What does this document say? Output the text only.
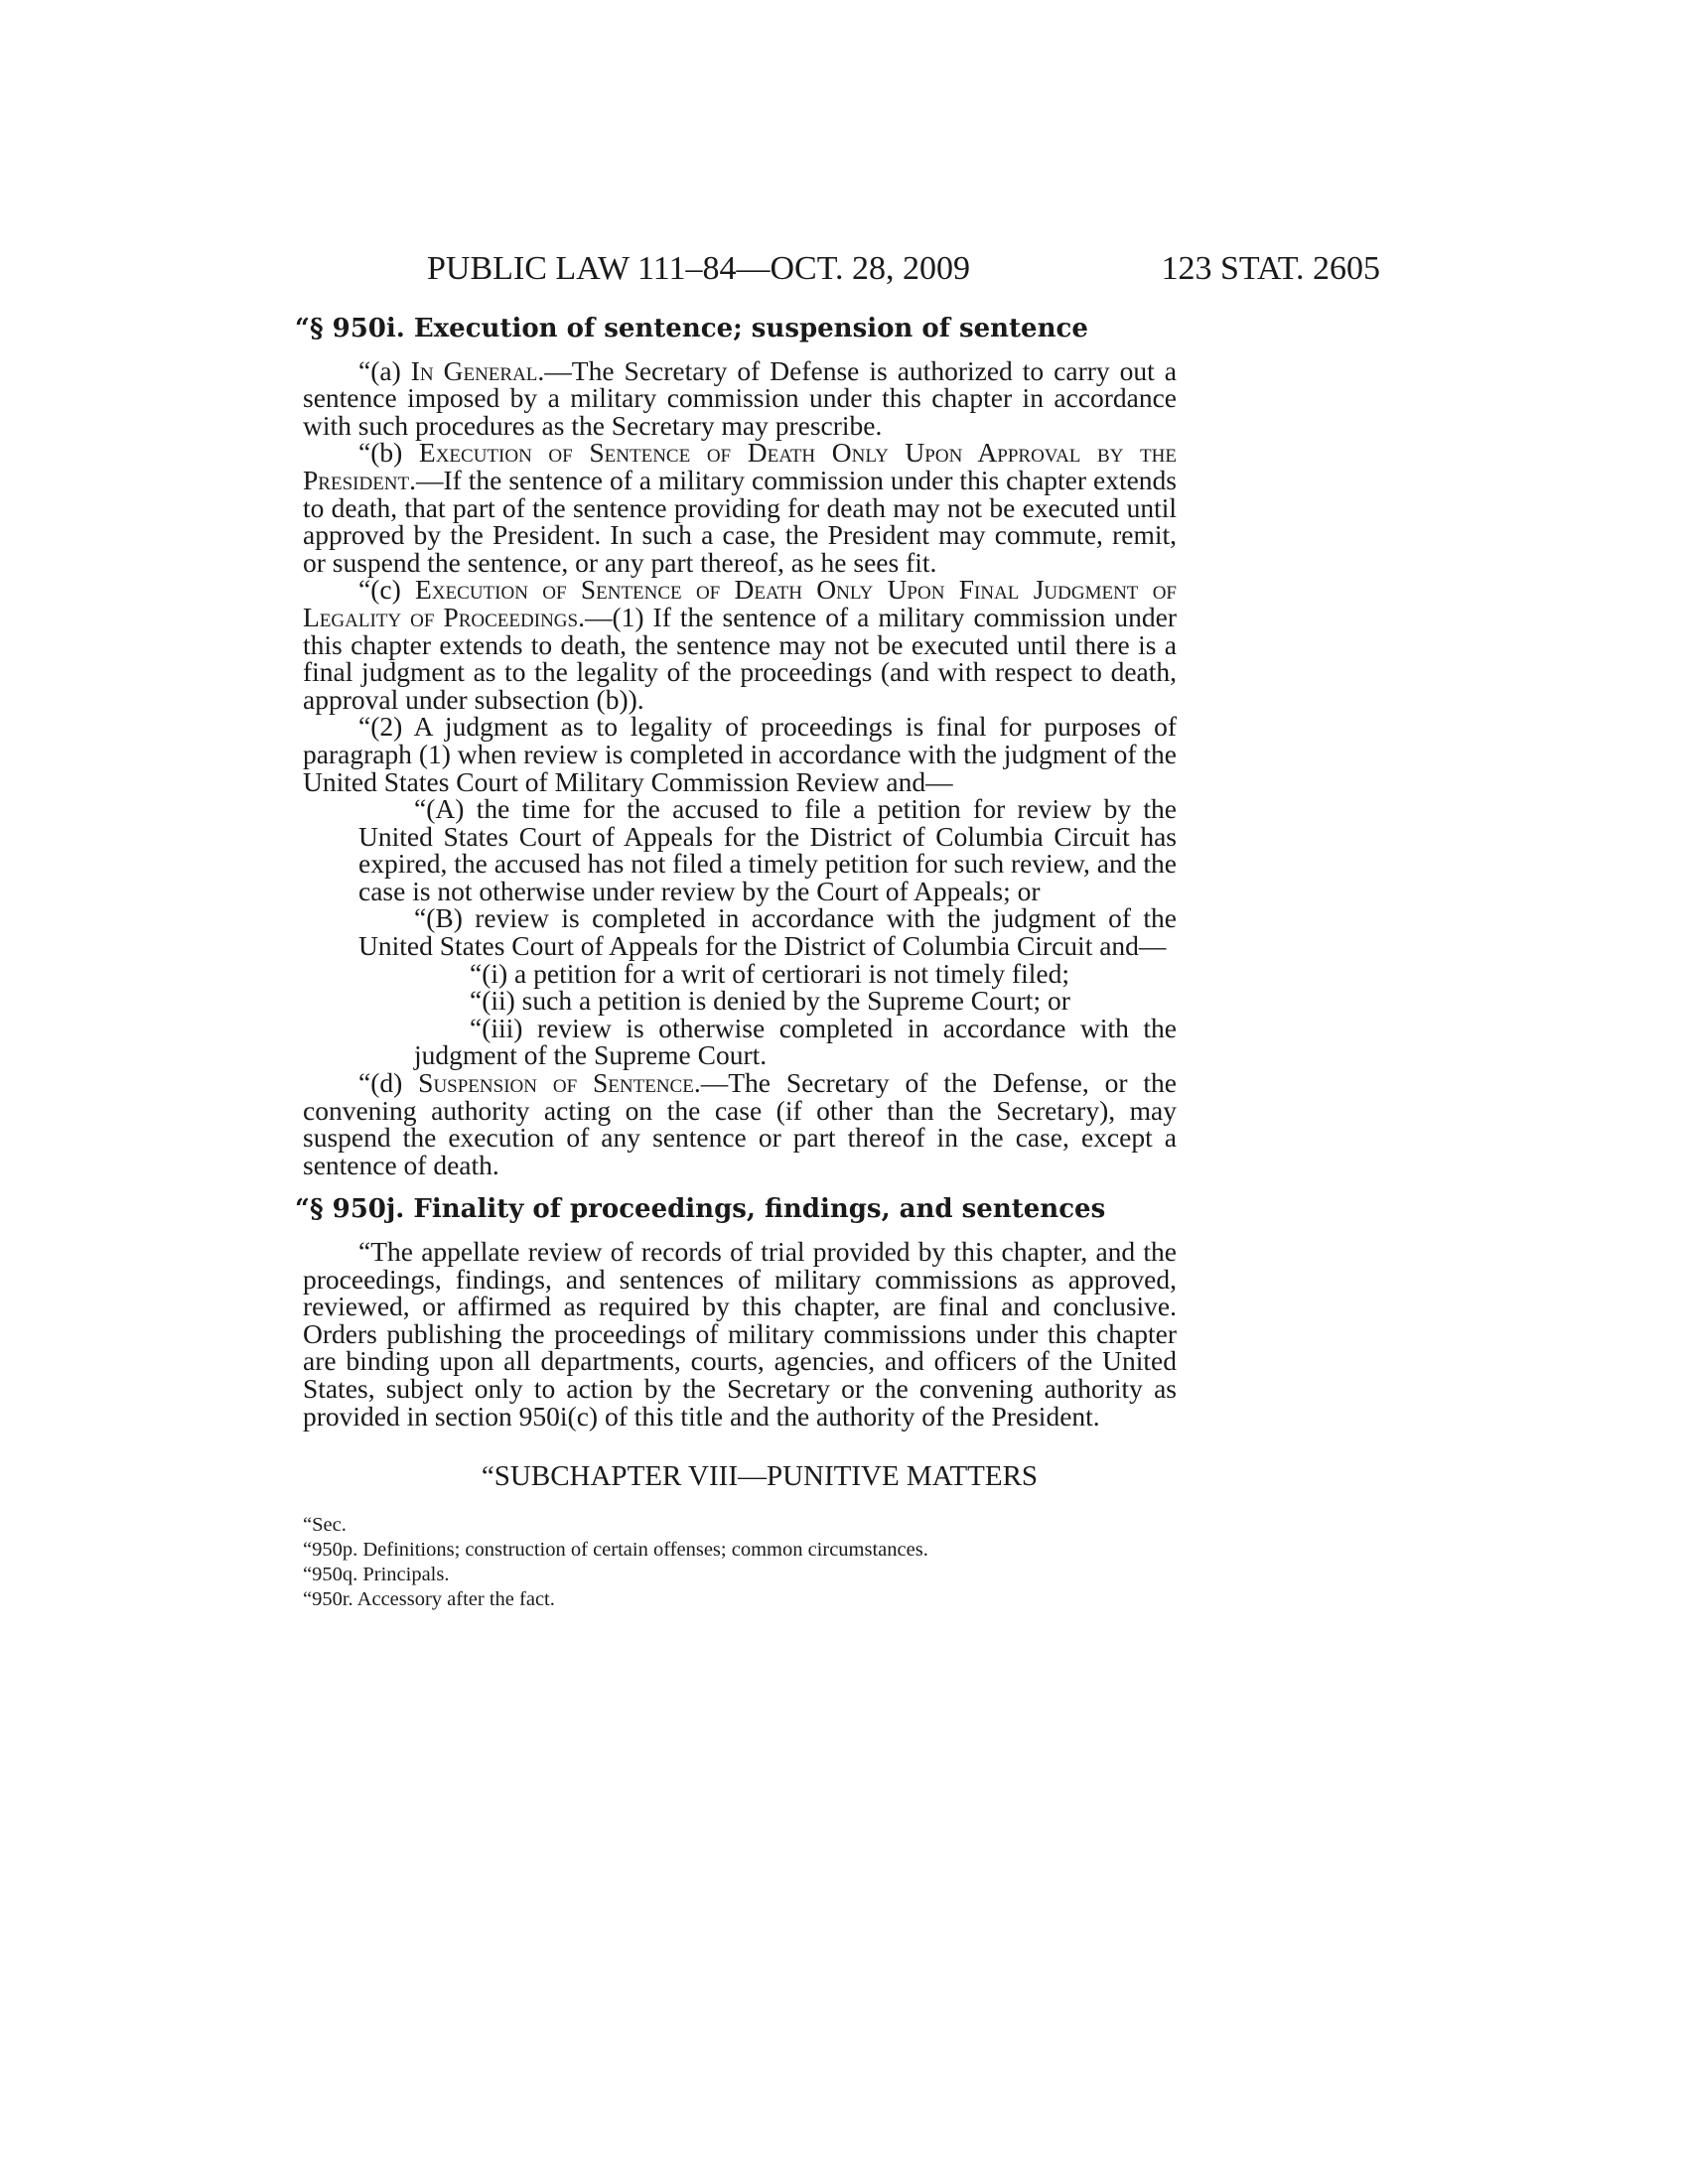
PUBLIC LAW 111–84—OCT. 28, 2009	123 STAT. 2605
“§ 950i. Execution of sentence; suspension of sentence

“(a) In General.—The Secretary of Defense is authorized to carry out a sentence imposed by a military commission under this chapter in accordance with such procedures as the Secretary may prescribe.

“(b) Execution of Sentence of Death Only Upon Approval by the President.—If the sentence of a military commission under this chapter extends to death, that part of the sentence providing for death may not be executed until approved by the President. In such a case, the President may commute, remit, or suspend the sentence, or any part thereof, as he sees fit.

“(c) Execution of Sentence of Death Only Upon Final Judgment of Legality of Proceedings.—(1) If the sentence of a military commission under this chapter extends to death, the sentence may not be executed until there is a final judgment as to the legality of the proceedings (and with respect to death, approval under subsection (b)).

“(2) A judgment as to legality of proceedings is final for purposes of paragraph (1) when review is completed in accordance with the judgment of the United States Court of Military Commission Review and—

“(A) the time for the accused to file a petition for review by the United States Court of Appeals for the District of Columbia Circuit has expired, the accused has not filed a timely petition for such review, and the case is not otherwise under review by the Court of Appeals; or

“(B) review is completed in accordance with the judgment of the United States Court of Appeals for the District of Columbia Circuit and—

“(i) a petition for a writ of certiorari is not timely filed;

“(ii) such a petition is denied by the Supreme Court; or

“(iii) review is otherwise completed in accordance with the judgment of the Supreme Court.

“(d) Suspension of Sentence.—The Secretary of the Defense, or the convening authority acting on the case (if other than the Secretary), may suspend the execution of any sentence or part thereof in the case, except a sentence of death.

“§ 950j. Finality of proceedings, findings, and sentences

“The appellate review of records of trial provided by this chapter, and the proceedings, findings, and sentences of military commissions as approved, reviewed, or affirmed as required by this chapter, are final and conclusive. Orders publishing the proceedings of military commissions under this chapter are binding upon all departments, courts, agencies, and officers of the United States, subject only to action by the Secretary or the convening authority as provided in section 950i(c) of this title and the authority of the President.

“SUBCHAPTER VIII—PUNITIVE MATTERS
“Sec.
“950p. Definitions; construction of certain offenses; common circumstances.
“950q. Principals.
“950r. Accessory after the fact.
